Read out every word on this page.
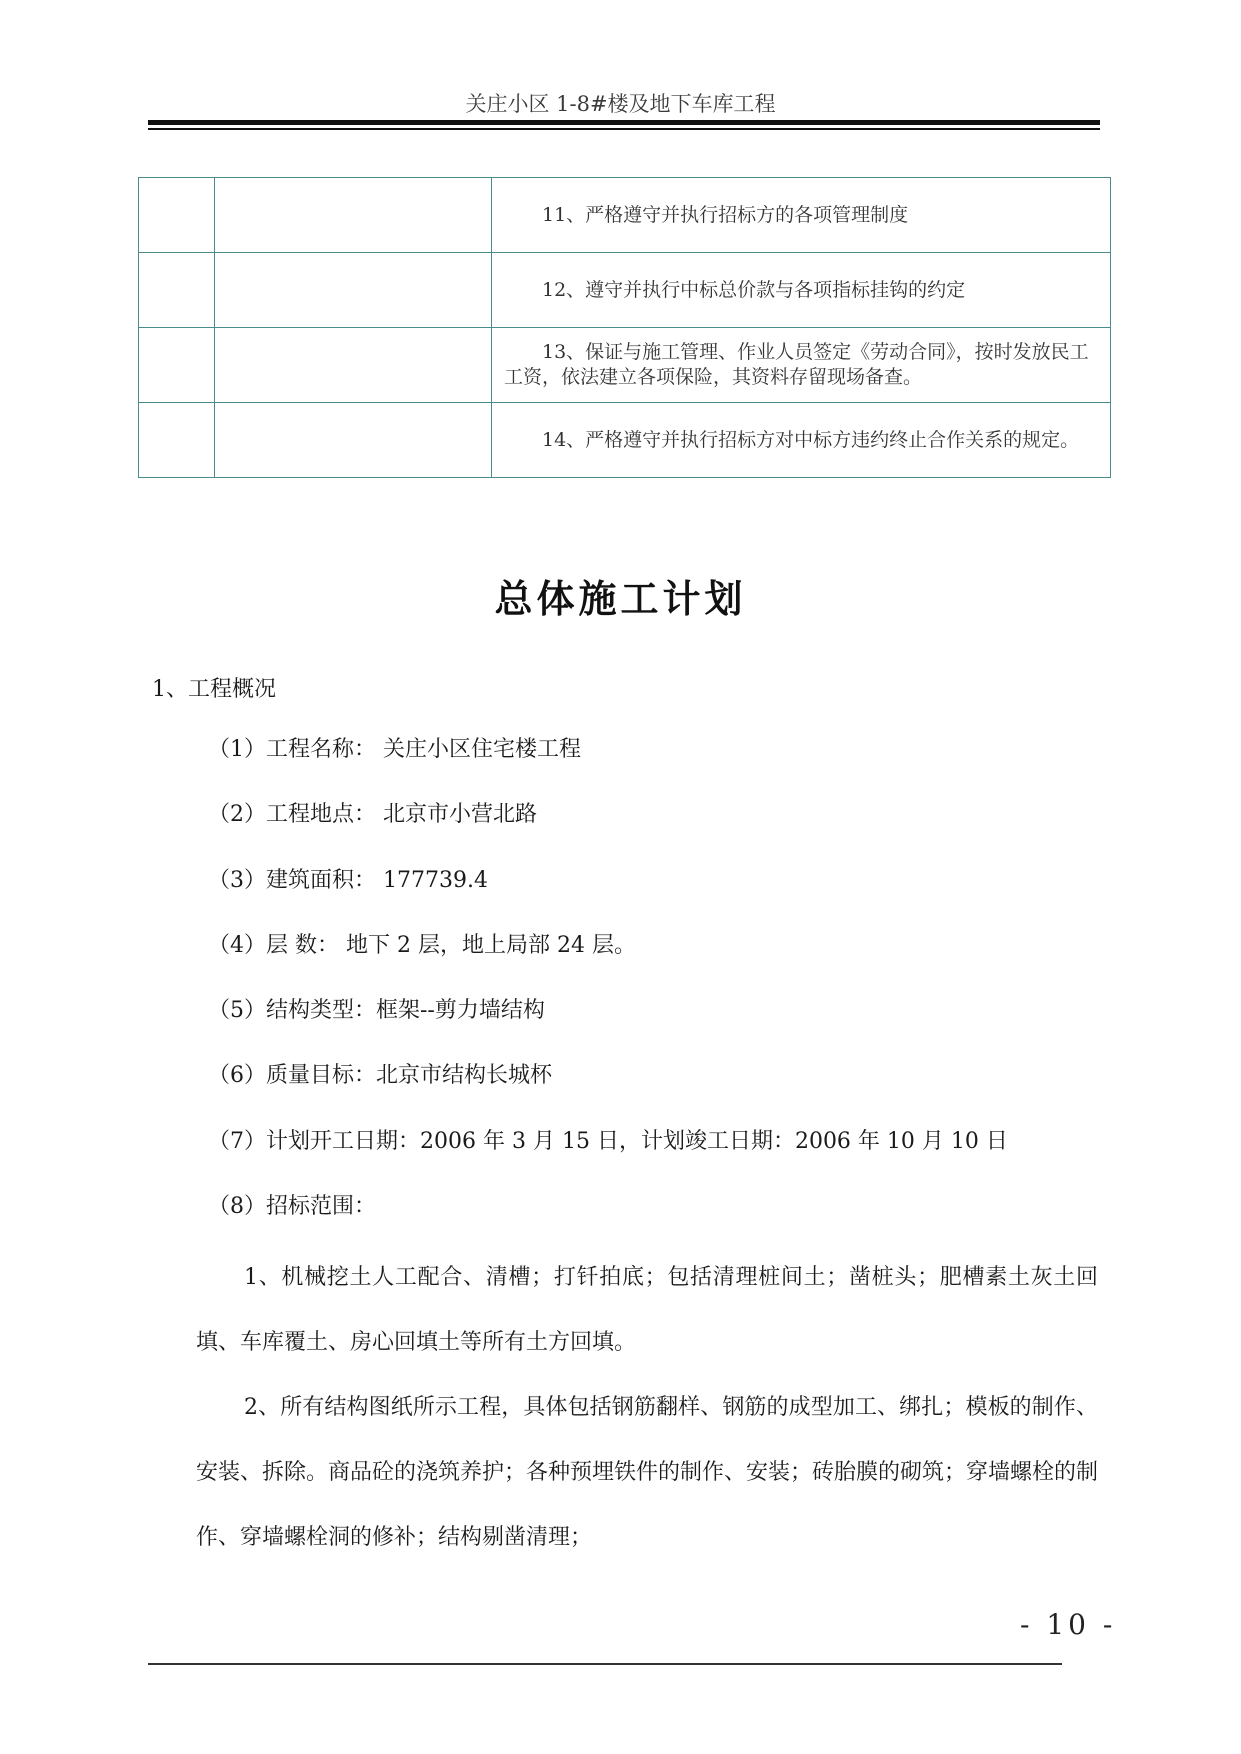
关庄小区 1-8#楼及地下车库工程

		11、严格遵守并执行招标方的各项管理制度

		12、遵守并执行中标总价款与各项指标挂钩的约定

		13、保证与施工管理、作业人员签定《劳动合同》，按时发放民工工资，依法建立各项保险，其资料存留现场备查。

		14、严格遵守并执行招标方对中标方违约终止合作关系的规定。
总体施工计划
1、工程概况
（1）工程名称： 关庄小区住宅楼工程
（2）工程地点： 北京市小营北路
（3）建筑面积： 177739.4
（4）层 数： 地下 2 层，地上局部 24 层。
（5）结构类型：框架--剪力墙结构
（6）质量目标：北京市结构长城杯
（7）计划开工日期：2006 年 3 月 15 日，计划竣工日期：2006 年 10 月 10 日
（8）招标范围：

1、机械挖土人工配合、清槽；打钎拍底；包括清理桩间土；凿桩头；肥槽素土灰土回填、车库覆土、房心回填土等所有土方回填。

2、所有结构图纸所示工程，具体包括钢筋翻样、钢筋的成型加工、绑扎；模板的制作、安装、拆除。商品砼的浇筑养护；各种预埋铁件的制作、安装；砖胎膜的砌筑；穿墙螺栓的制作、穿墙螺栓洞的修补；结构剔凿清理；

- 10 -
